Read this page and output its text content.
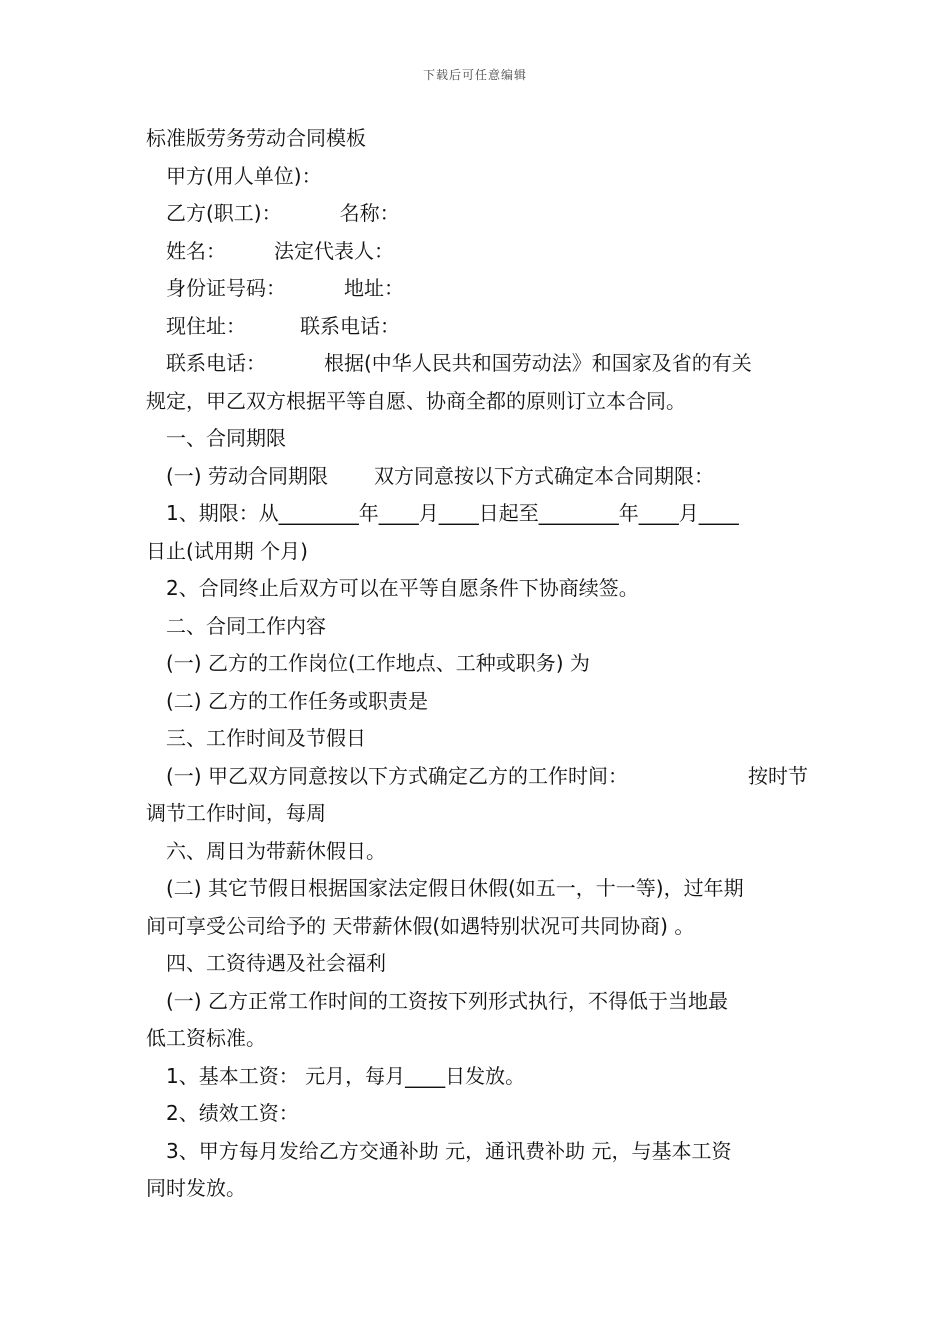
下载后可任意编辑
标准版劳务劳动合同模板
甲方(用人单位)：
乙方(职工)：	名称：
姓名： 法定代表人：
身份证号码：	地址：
现住址：	联系电话：
联系电话：	根据(中华人民共和国劳动法》和国家及省的有关
规定，甲乙双方根据平等自愿、协商全都的原则订立本合同。
一、合同期限
(一) 劳动合同期限 双方同意按以下方式确定本合同期限：
1、期限：从________年____月____日起至________年____月____
日止(试用期 个月)
2、合同终止后双方可以在平等自愿条件下协商续签。
二、合同工作内容
(一) 乙方的工作岗位(工作地点、工种或职务) 为
(二) 乙方的工作任务或职责是
三、工作时间及节假日
(一) 甲乙双方同意按以下方式确定乙方的工作时间：	按时节
调节工作时间，每周
六、周日为带薪休假日。
(二) 其它节假日根据国家法定假日休假(如五一，十一等)，过年期
间可享受公司给予的 天带薪休假(如遇特别状况可共同协商) 。
四、工资待遇及社会福利
(一) 乙方正常工作时间的工资按下列形式执行，不得低于当地最
低工资标准。
1、基本工资： 元月，每月____日发放。
2、绩效工资：
3、甲方每月发给乙方交通补助 元，通讯费补助 元，与基本工资
同时发放。
